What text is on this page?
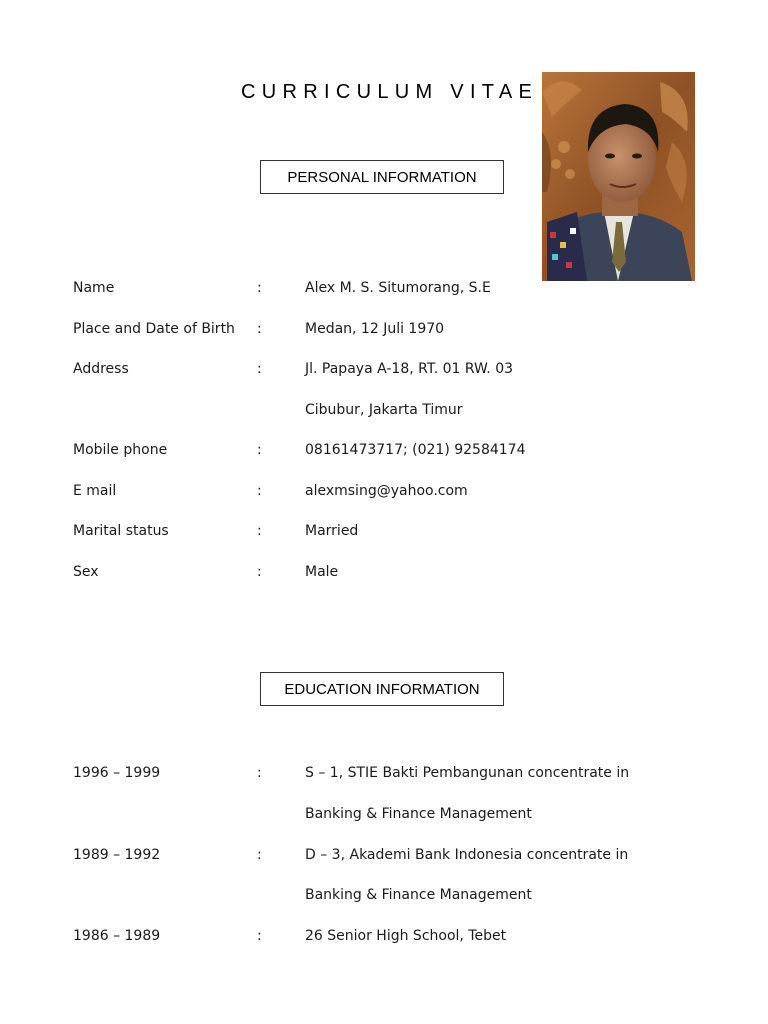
CURRICULUM VITAE
PERSONAL INFORMATION
Name	:	Alex M. S. Situmorang, S.E
Place and Date of Birth :	Medan, 12 Juli 1970
Address	:	Jl. Papaya A-18, RT. 01 RW. 03
Cibubur, Jakarta Timur
Mobile phone	:	08161473717; (021) 92584174
E mail	:	alexmsing@yahoo.com
Marital status	:	Married
Sex	:	Male
EDUCATION INFORMATION
1996 – 1999	:	S – 1, STIE Bakti Pembangunan concentrate in
Banking & Finance Management
1989 – 1992	:	D – 3, Akademi Bank Indonesia concentrate in
Banking & Finance Management
1986 – 1989	:	26 Senior High School, Tebet
